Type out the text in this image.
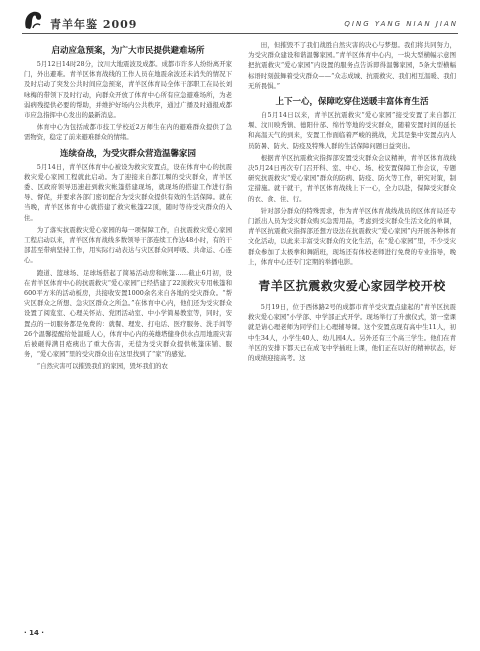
青羊年鉴 2009	QING YANG NIAN JIAN
启动应急预案，为广大市民提供避难场所

5月12日14时28分，汶川大地震波及成都。成都市许多人纷纷离开家门，外出避难。青羊区体育战线的工作人员在地震余波还未消失的情况下及时启动了突发公共时间应急预案，青羊区体育局全体干部职工在局长刘咏梅的带领下及时行动，向群众开放了体育中心所有应急避难场所，为老弱病残提供必要的帮助，并维护好场内公共秩序，通过广播及时通报成都市应急指挥中心发出的最新消息。

体育中心为包括成都市技工学校近2万师生在内的避难群众提供了急需物资，稳定了前来避难群众的情绪。

连续奋战，为受灾群众营造温馨家园

5月14日，青羊区体育中心被设为救灾安置点，设在体育中心的抗震救灾爱心家园工程就此启动。为了迎接来自都江堰的受灾群众，青羊区委、区政府领导迅速赶到救灾帐篷搭建现场，就现场的搭建工作进行指导、督促，并要求各部门密切配合为受灾群众提供有效的生活保障。就在当晚，青羊区体育中心就搭建了救灾帐篷22顶，随时等待受灾群众的入住。

为了落实抗震救灾爱心家园的每一项保障工作，自抗震救灾爱心家园工程启动以来，青羊区体育战线多数领导干部连续工作达48小时，有的干部甚至带病坚持工作，用实际行动表达与灾区群众同呼吸、共命运、心连心。

跑道、篮球场、足球场搭起了简易活动房和帐篷……截止6月初，设在青羊区体育中心的抗震救灾“爱心家园”已经搭建了22顶救灾专用帐篷和600平方米的活动板房，共接收安置1000余名来自各地的受灾群众。“帮灾区群众之所想、急灾区群众之所急。”在体育中心内，他们还为受灾群众设置了阅览室、心理关怀站、党团活动室、中小学简易教室等，同时，安置点的一切服务都是免费的：就餐、理发、打电话、医疗服务、洗手间等26个温馨提醒给处温暖人心，体育中心内的英雄塔健身供水点用地震灾害后被砸得满目疮痍出了重大伤害，无偿为受灾群众提供帐篷床铺、服务，“爱心家园”里的受灾群众出在这里找到了“家”的感觉。

“自然灾害可以摧毁我们的家园，毁坏我们的农

田，但摧毁不了我们战胜自然灾害的决心与梦想。我们将共同努力，为受灾群众建设和谐温馨家园。”青羊区体育中心内，一块大型横幅示意图把抗震救灾“爱心家园”内设置的服务点告诉即得温馨家园，5条大型横幅标语时刻鼓舞着受灾群众——“众志成城、抗震救灾、我们相互温暖、我们无所畏惧。”

上下一心，保障吃穿住送暖丰富体育生活

自5月14日以来，青羊区抗震救灾“爱心家园”接受安置了来自都江堰、汶川映秀镇、德阳什邡、绵竹等地的受灾群众，随着安置时间的延长和高温天气的到来，安置工作面临着严峻的挑战，尤其是集中安置点内人员防暑、防火、防疫及特殊人群的生活保障问题日益突出。

根据青羊区抗震救灾指挥部安置受灾群众会议精神，青羊区体育战线决5月24日再次专门召开科、室、中心、场、校安置保障工作会议，专题研究抗震救灾“爱心家园”群众的防病、防疫、防火等工作，研究对策，制定措施。就干就干，青羊区体育战线上下一心，全力以赴，保障受灾群众的衣、食、住、行。

针对部分群众的特殊需求，作为青羊区体育战线战员的区体育局还专门派出人员为受灾群众购买急需用品，考虑到受灾群众生活文化的单调，青羊区抗震救灾指挥部还想方设法在抗震救灾“爱心家园”内开展各种体育文化活动，以此来丰富受灾群众的文化生活，在“爱心家园”里，不少受灾群众参加了太极拳和舞蹈班，现场还有体校老师进行免费的专业指导，晚上，体育中心还专门定期的举播电影。

青羊区抗震救灾爱心家园学校开校

5月19日，位于西体路2号的成都市青羊受灾置点建起的“青羊区抗震救灾爱心家园”小学部、中学部正式开学。现场举行了升旗仪式，第一堂课就是请心理老师为同学们上心理辅导课。这个安置点现有高中生11人，初中生34人，小学生40人、幼儿园4人。另外还有三个高三学生。他们在青羊区的安排下都天已在成飞中学插班上课，他们正在以好的精神状态，好的成绩迎接高考。这

· 14 ·
